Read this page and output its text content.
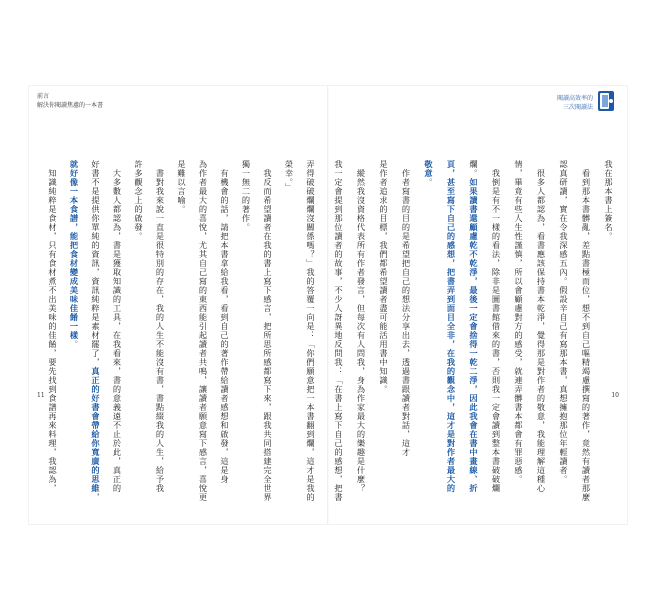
前言
解決你閱讀焦慮的一本書
閱讀高效率的
三次閱讀法
弄得破破爛爛沒關係嗎？」我的答覆一向是：「你們願意把一本書翻到爛，這才是我的
榮幸。」
　我反而希望讀者在我的書上寫下感言，把所思所感都寫下來，跟我共同搭建完全世界
獨一無二的著作。
　有機會的話，請把本書拿給我看，看到自己的著作帶給讀者感想和啟發，這是身
為作者最大的喜悅，尤其自己寫的東西能引起讀者共鳴，讓讀者願意寫下感言，喜悅更
是難以言喻。
　書對我來說一直是很特別的存在，我的人生不能沒有書，書點綴我的人生，給予我
許多觀念上的啟發。
　大多數人都認為，書是獲取知識的工具，在我看來，書的意義遠不止於此，真正的
好書不是提供你單純的資訊，資訊純粹是素材罷了，真正的好書會帶給你寬廣的思維，
就好像一本食譜，能把食材變成美味佳餚一樣。
　知識純粹是食材，只有食材煮不出美味的佳餚，要先找到食譜再來料理，我認為，	我在那本書上簽名。
　看到那本書髒亂，差點書極而位，想不到自己嘔精竭慮撰寫的著作，竟然有讀者那麼
認真研讀，實在令我深感五內。假設辛自己有寫那本書，真想擁抱那位年輕讀者。
　很多人都認為，看書應該保持書本乾淨，覺得那是對作者的敬意，我能理解這種心
情，畢竟有些人生性謹慎，所以會顧慮對方的感受，就連弄髒書本都會有罪惡感。
　我倒是有不一樣的看法，除非是圖書館借來的書，否則我一定會讀到整本書破破爛
爛。如果讀書還顧慮乾不乾淨，最後一定會捨得一乾二淨，因此我會在書中畫線、折
頁，甚至寫下自己的感想，把書弄到面目全非，在我的觀念中，這才是對作者最大的
敬意。
　作者寫書的目的是希望把自己的想法分享出去，透過書跟讀者對話，這才
是作者追求的目標，我們都希望讀者盡可能活用書中知識。
　縱然我沒資格代表所有作者發言，但每次有人問我，身為作家最大的樂趣是什麼？
我一定會提到那位讀者的故事，不少人訝異地反問我：「在書上寫下自己的感想，把書
11	10
